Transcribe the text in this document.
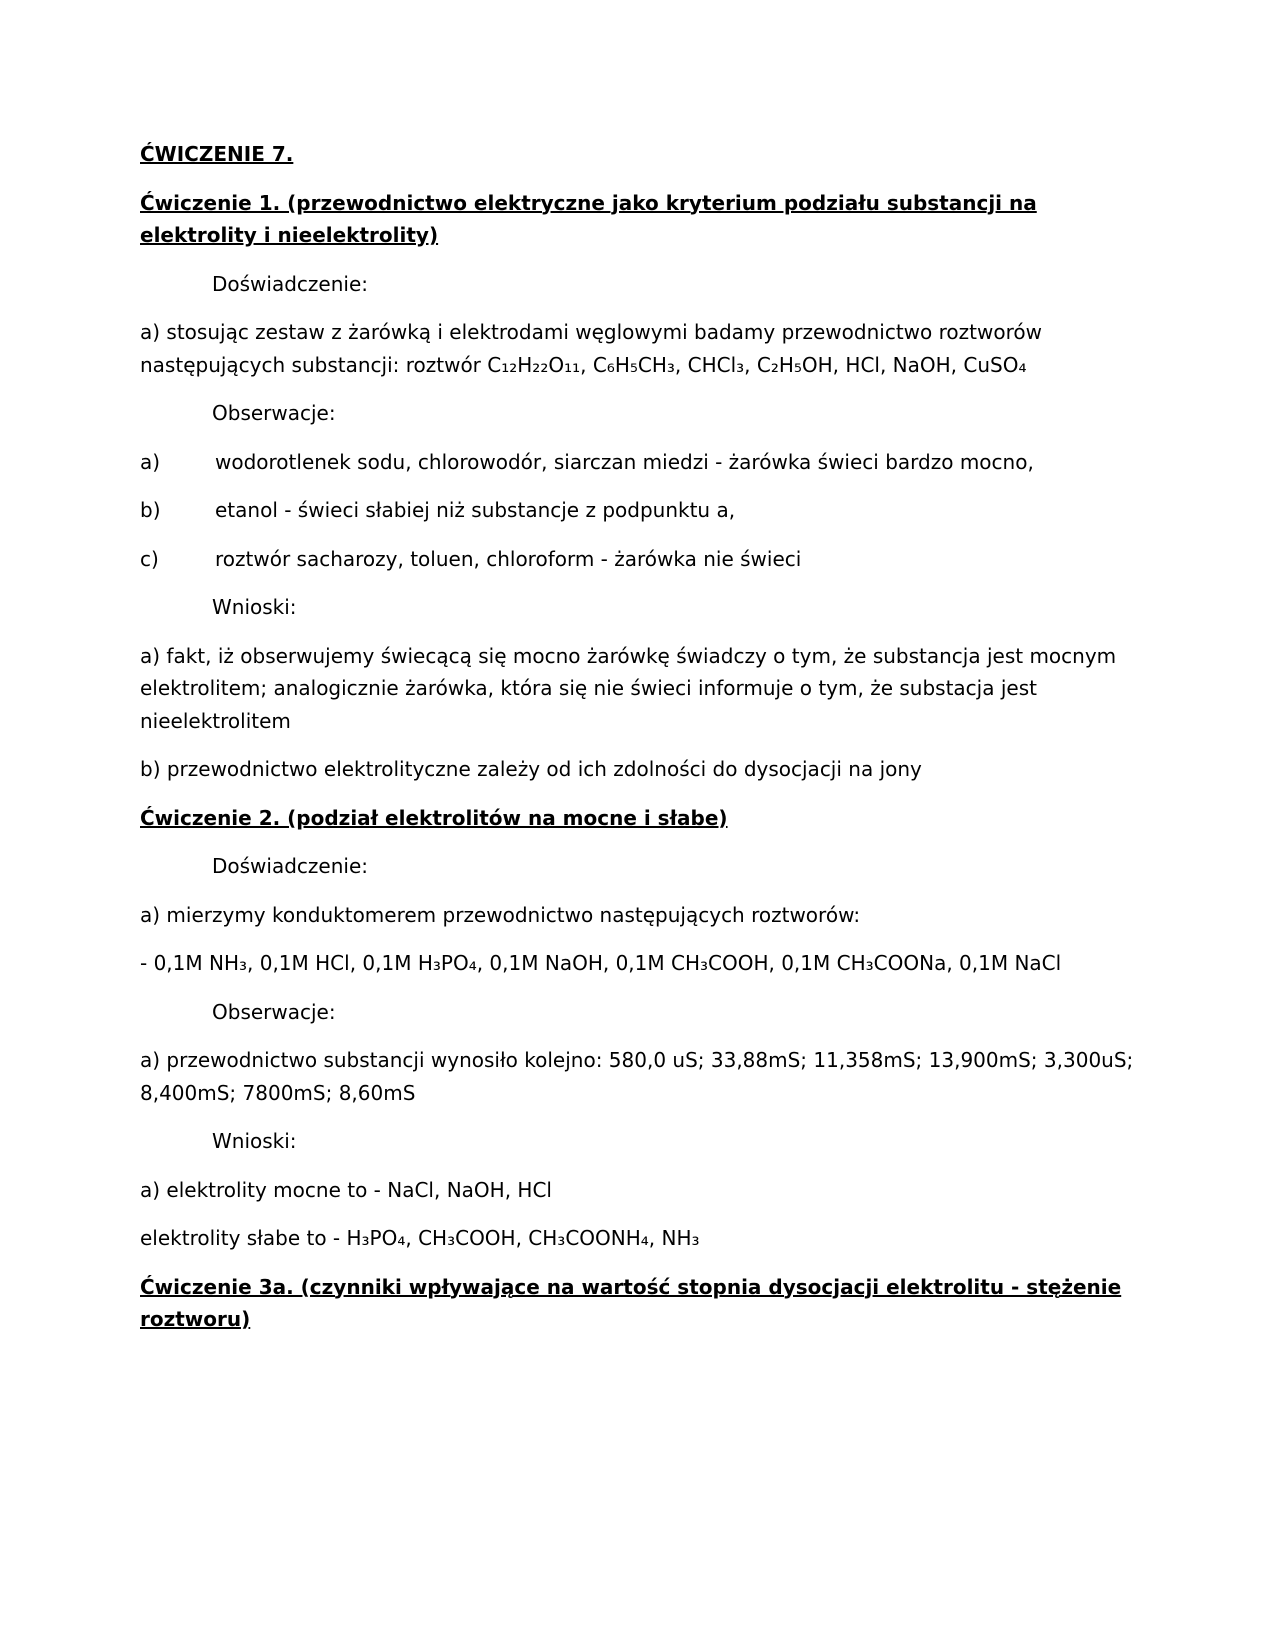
ĆWICZENIE 7.

Ćwiczenie 1. (przewodnictwo elektryczne jako kryterium podziału substancji na elektrolity i nieelektrolity)

Doświadczenie:

a) stosując zestaw z żarówką i elektrodami węglowymi badamy przewodnictwo roztworów następujących substancji: roztwór C₁₂H₂₂O₁₁, C₆H₅CH₃, CHCl₃, C₂H₅OH, HCl, NaOH, CuSO₄

Obserwacje:

a)	wodorotlenek sodu, chlorowodór, siarczan miedzi - żarówka świeci bardzo mocno,

b)	etanol - świeci słabiej niż substancje z podpunktu a,

c)	roztwór sacharozy, toluen, chloroform - żarówka nie świeci

Wnioski:

a) fakt, iż obserwujemy świecącą się mocno żarówkę świadczy o tym, że substancja jest mocnym elektrolitem; analogicznie żarówka, która się nie świeci informuje o tym, że substacja jest nieelektrolitem

b) przewodnictwo elektrolityczne zależy od ich zdolności do dysocjacji na jony

Ćwiczenie 2. (podział elektrolitów na mocne i słabe)

Doświadczenie:

a) mierzymy konduktomerem przewodnictwo następujących roztworów:

- 0,1M NH₃, 0,1M HCl, 0,1M H₃PO₄, 0,1M NaOH, 0,1M CH₃COOH, 0,1M CH₃COONa, 0,1M NaCl

Obserwacje:

a) przewodnictwo substancji wynosiło kolejno: 580,0 uS; 33,88mS; 11,358mS; 13,900mS; 3,300uS; 8,400mS; 7800mS; 8,60mS

Wnioski:

a) elektrolity mocne to - NaCl, NaOH, HCl

elektrolity słabe to - H₃PO₄, CH₃COOH, CH₃COONH₄, NH₃

Ćwiczenie 3a. (czynniki wpływające na wartość stopnia dysocjacji elektrolitu - stężenie roztworu)
